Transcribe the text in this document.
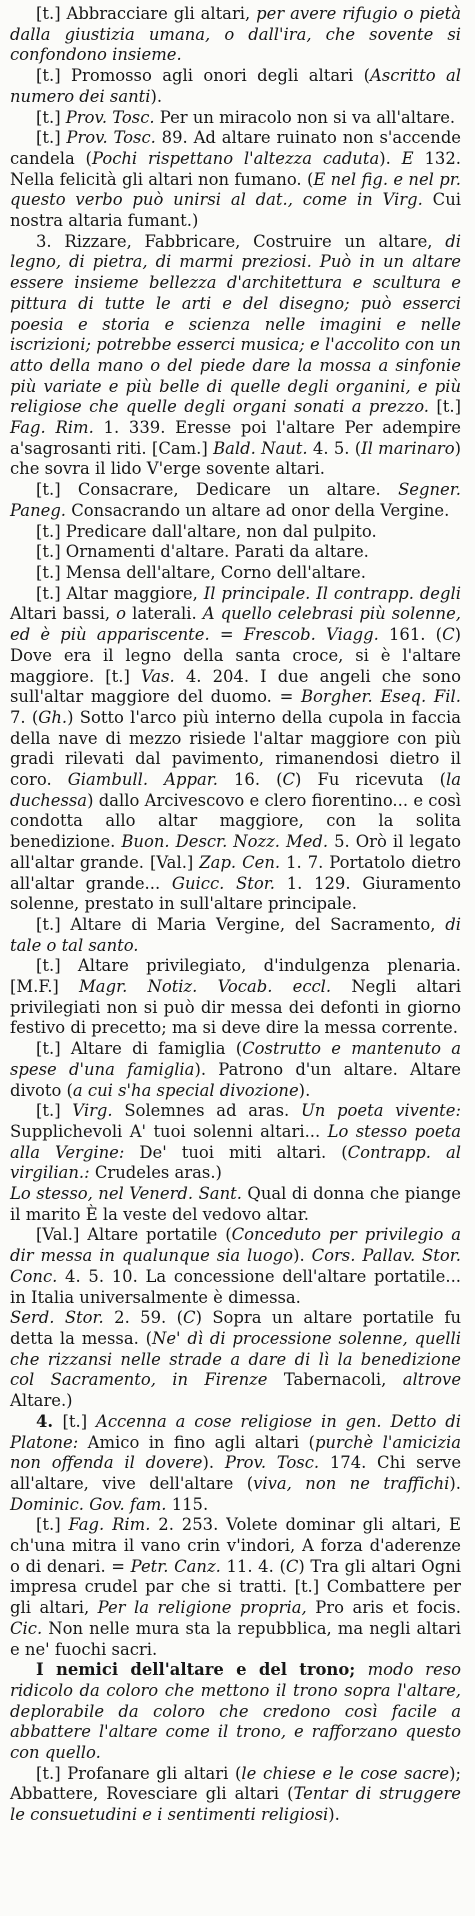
[t.] Abbracciare gli altari, per avere rifugio o pietà dalla giustizia umana, o dall'ira, che sovente si confondono insieme.

[t.] Promosso agli onori degli altari (Ascritto al numero dei santi).

[t.] Prov. Tosc. Per un miracolo non si va all'altare.

[t.] Prov. Tosc. 89. Ad altare ruinato non s'accende candela (Pochi rispettano l'altezza caduta). E 132. Nella felicità gli altari non fumano. (E nel fig. e nel pr. questo verbo può unirsi al dat., come in Virg. Cui nostra altaria fumant.)

3. Rizzare, Fabbricare, Costruire un altare, di legno, di pietra, di marmi preziosi. Può in un altare essere insieme bellezza d'architettura e scultura e pittura di tutte le arti e del disegno; può esserci poesia e storia e scienza nelle imagini e nelle iscrizioni; potrebbe esserci musica; e l'accolito con un atto della mano o del piede dare la mossa a sinfonie più variate e più belle di quelle degli organini, e più religiose che quelle degli organi sonati a prezzo. [t.] Fag. Rim. 1. 339. Eresse poi l'altare Per adempire a'sagrosanti riti. [Cam.] Bald. Naut. 4. 5. (Il marinaro) che sovra il lido V'erge sovente altari.

[t.] Consacrare, Dedicare un altare. Segner. Paneg. Consacrando un altare ad onor della Vergine.

[t.] Predicare dall'altare, non dal pulpito.

[t.] Ornamenti d'altare. Parati da altare.

[t.] Mensa dell'altare, Corno dell'altare.

[t.] Altar maggiore, Il principale. Il contrapp. degli Altari bassi, o laterali. A quello celebrasi più solenne, ed è più appariscente. = Frescob. Viagg. 161. (C) Dove era il legno della santa croce, si è l'altare maggiore. [t.] Vas. 4. 204. I due angeli che sono sull'altar maggiore del duomo. = Borgher. Eseq. Fil. 7. (Gh.) Sotto l'arco più interno della cupola in faccia della nave di mezzo risiede l'altar maggiore con più gradi rilevati dal pavimento, rimanendosi dietro il coro. Giambull. Appar. 16. (C) Fu ricevuta (la duchessa) dallo Arcivescovo e clero fiorentino... e così condotta allo altar maggiore, con la solita benedizione. Buon. Descr. Nozz. Med. 5. Orò il legato all'altar grande. [Val.] Zap. Cen. 1. 7. Portatolo dietro all'altar grande... Guicc. Stor. 1. 129. Giuramento solenne, prestato in sull'altare principale.

[t.] Altare di Maria Vergine, del Sacramento, di tale o tal santo.

[t.] Altare privilegiato, d'indulgenza plenaria. [M.F.] Magr. Notiz. Vocab. eccl. Negli altari privilegiati non si può dir messa dei defonti in giorno festivo di precetto; ma si deve dire la messa corrente.

[t.] Altare di famiglia (Costrutto e mantenuto a spese d'una famiglia). Patrono d'un altare. Altare divoto (a cui s'ha special divozione).

[t.] Virg. Solemnes ad aras. Un poeta vivente: Supplichevoli A' tuoi solenni altari... Lo stesso poeta alla Vergine: De' tuoi miti altari. (Contrapp. al virgilian.: Crudeles aras.)

Lo stesso, nel Venerd. Sant. Qual di donna che piange il marito È la veste del vedovo altar.

[Val.] Altare portatile (Conceduto per privilegio a dir messa in qualunque sia luogo). Cors. Pallav. Stor. Conc. 4. 5. 10. La concessione dell'altare portatile... in Italia universalmente è dimessa.

Serd. Stor. 2. 59. (C) Sopra un altare portatile fu detta la messa. (Ne' dì di processione solenne, quelli che rizzansi nelle strade a dare di lì la benedizione col Sacramento, in Firenze Tabernacoli, altrove Altare.)

4. [t.] Accenna a cose religiose in gen. Detto di Platone: Amico in fino agli altari (purchè l'amicizia non offenda il dovere). Prov. Tosc. 174. Chi serve all'altare, vive dell'altare (viva, non ne traffichi). Dominic. Gov. fam. 115.

[t.] Fag. Rim. 2. 253. Volete dominar gli altari, E ch'una mitra il vano crin v'indori, A forza d'aderenze o di denari. = Petr. Canz. 11. 4. (C) Tra gli altari Ogni impresa crudel par che si tratti. [t.] Combattere per gli altari, Per la religione propria, Pro aris et focis. Cic. Non nelle mura sta la repubblica, ma negli altari e ne' fuochi sacri.

I nemici dell'altare e del trono; modo reso ridicolo da coloro che mettono il trono sopra l'altare, deplorabile da coloro che credono così facile a abbattere l'altare come il trono, e rafforzano questo con quello.

[t.] Profanare gli altari (le chiese e le cose sacre); Abbattere, Rovesciare gli altari (Tentar di struggere le consuetudini e i sentimenti religiosi).
